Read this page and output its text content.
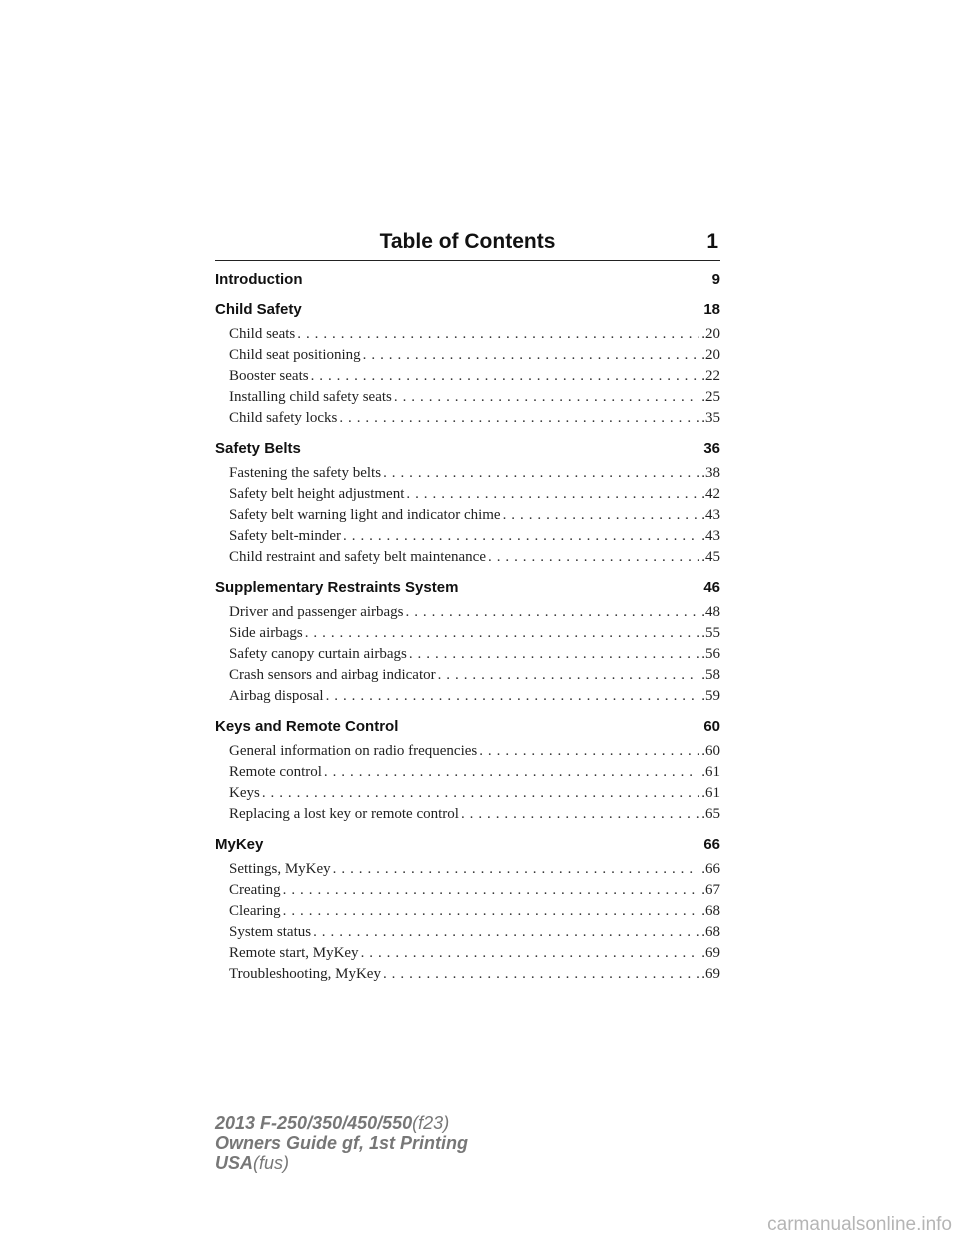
Table of Contents	1
Introduction	9
Child Safety	18
Child seats . . .	.20
Child seat positioning . . .	.20
Booster seats . . .	.22
Installing child safety seats . . .	.25
Child safety locks . . .	.35
Safety Belts	36
Fastening the safety belts . . .	.38
Safety belt height adjustment . . .	.42
Safety belt warning light and indicator chime . . .	.43
Safety belt-minder . . .	.43
Child restraint and safety belt maintenance . . .	.45
Supplementary Restraints System	46
Driver and passenger airbags . . .	.48
Side airbags . . .	.55
Safety canopy curtain airbags . . .	.56
Crash sensors and airbag indicator . . .	.58
Airbag disposal . . .	.59
Keys and Remote Control	60
General information on radio frequencies . . .	.60
Remote control . . .	.61
Keys . . .	.61
Replacing a lost key or remote control . . .	.65
MyKey	66
Settings, MyKey . . .	.66
Creating . . .	.67
Clearing . . .	.68
System status . . .	.68
Remote start, MyKey . . .	.69
Troubleshooting, MyKey . . .	.69
2013 F-250/350/450/550(f23)
Owners Guide gf, 1st Printing
USA(fus)
carmanualsonline.info
